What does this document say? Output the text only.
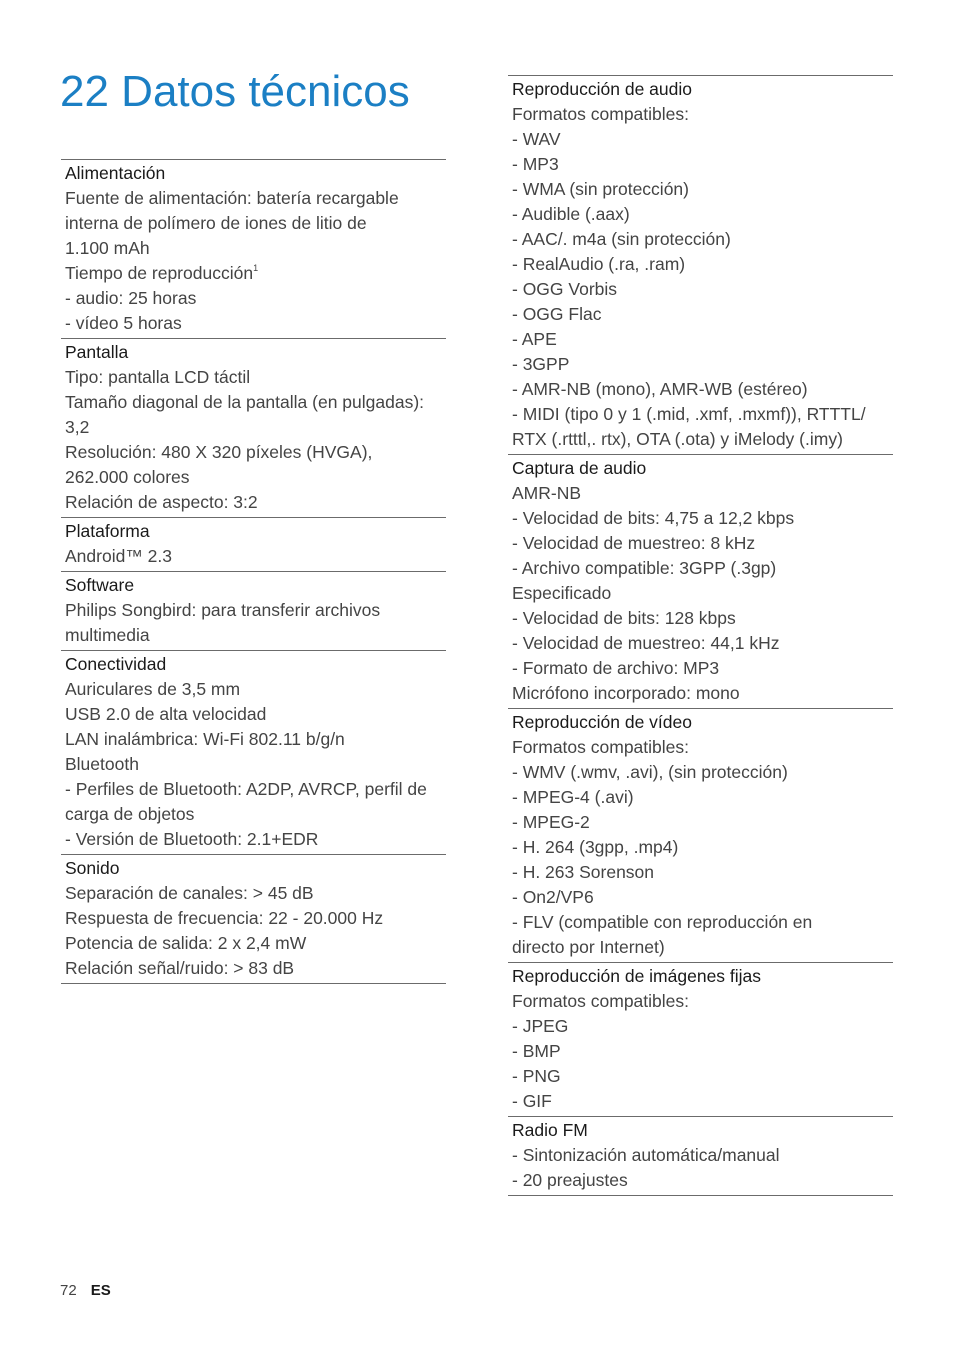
22 Datos técnicos
Alimentación
Fuente de alimentación: batería recargable
interna de polímero de iones de litio de
1.100 mAh
Tiempo de reproducción$^1$
- audio: 25 horas
- vídeo 5 horas
Pantalla
Tipo: pantalla LCD táctil
Tamaño diagonal de la pantalla (en pulgadas):
3,2
Resolución: 480 X 320 píxeles (HVGA),
262.000 colores
Relación de aspecto: 3:2
Plataforma
Android™ 2.3
Software
Philips Songbird: para transferir archivos
multimedia
Conectividad
Auriculares de 3,5 mm
USB 2.0 de alta velocidad
LAN inalámbrica: Wi-Fi 802.11 b/g/n
Bluetooth
- Perfiles de Bluetooth: A2DP, AVRCP, perfil de
carga de objetos
- Versión de Bluetooth: 2.1+EDR
Sonido
Separación de canales: > 45 dB
Respuesta de frecuencia: 22 - 20.000 Hz
Potencia de salida: 2 x 2,4 mW
Relación señal/ruido: > 83 dB
Reproducción de audio
Formatos compatibles:
- WAV
- MP3
- WMA (sin protección)
- Audible (.aax)
- AAC/. m4a (sin protección)
- RealAudio (.ra, .ram)
- OGG Vorbis
- OGG Flac
- APE
- 3GPP
- AMR-NB (mono), AMR-WB (estéreo)
- MIDI (tipo 0 y 1 (.mid, .xmf, .mxmf)), RTTTL/
RTX (.rtttl,. rtx), OTA (.ota) y iMelody (.imy)
Captura de audio
AMR-NB
- Velocidad de bits: 4,75 a 12,2 kbps
- Velocidad de muestreo: 8 kHz
- Archivo compatible: 3GPP (.3gp)
Especificado
- Velocidad de bits: 128 kbps
- Velocidad de muestreo: 44,1 kHz
- Formato de archivo: MP3
Micrófono incorporado: mono
Reproducción de vídeo
Formatos compatibles:
- WMV (.wmv, .avi), (sin protección)
- MPEG-4 (.avi)
- MPEG-2
- H. 264 (3gpp, .mp4)
- H. 263 Sorenson
- On2/VP6
- FLV (compatible con reproducción en
directo por Internet)
Reproducción de imágenes fijas
Formatos compatibles:
- JPEG
- BMP
- PNG
- GIF
Radio FM
- Sintonización automática/manual
- 20 preajustes
72 ES
